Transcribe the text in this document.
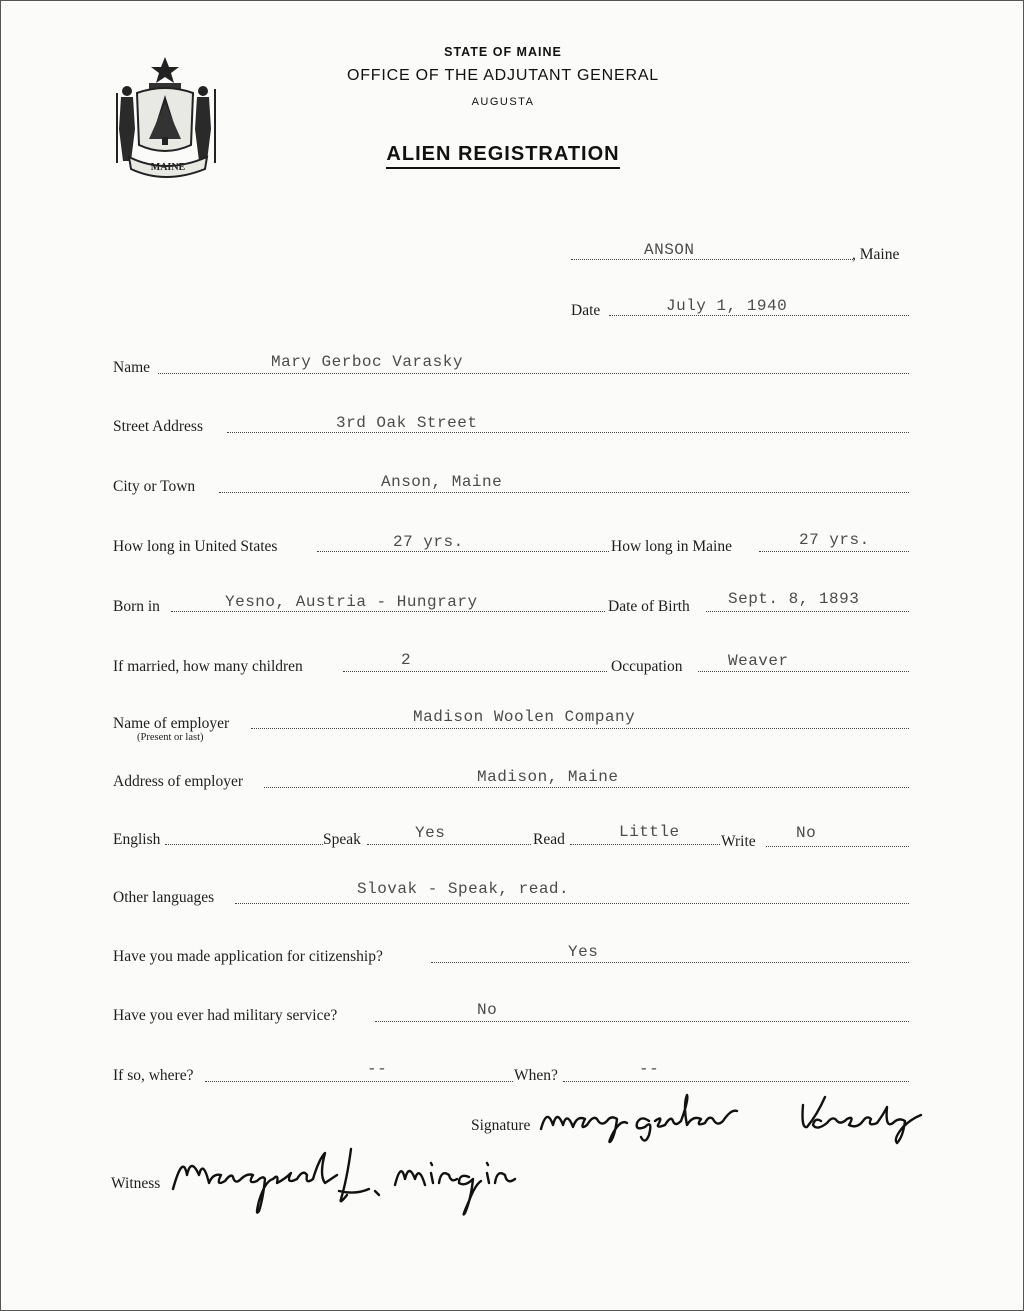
MAINE
STATE OF MAINE
OFFICE OF THE ADJUTANT GENERAL
AUGUSTA
ALIEN REGISTRATION
ANSON	, Maine
Date	July 1, 1940
Name	Mary Gerboc Varasky
Street Address	3rd Oak Street
City or Town	Anson, Maine
How long in United States	27 yrs.	How long in Maine	27 yrs.
Born in	Yesno, Austria - Hungrary	Date of Birth Sept. 8, 1893
If married, how many children	2	Occupation	Weaver
Name of employer
(Present or last)
Madison Woolen Company
Address of employer	Madison, Maine
English	Speak	Yes	Read	Little
Write	No
Other languages	Slovak - Speak, read.
Have you made application for citizenship?	Yes
Have you ever had military service?	No
If so, where?	--	When?	--
Signature
Witness
